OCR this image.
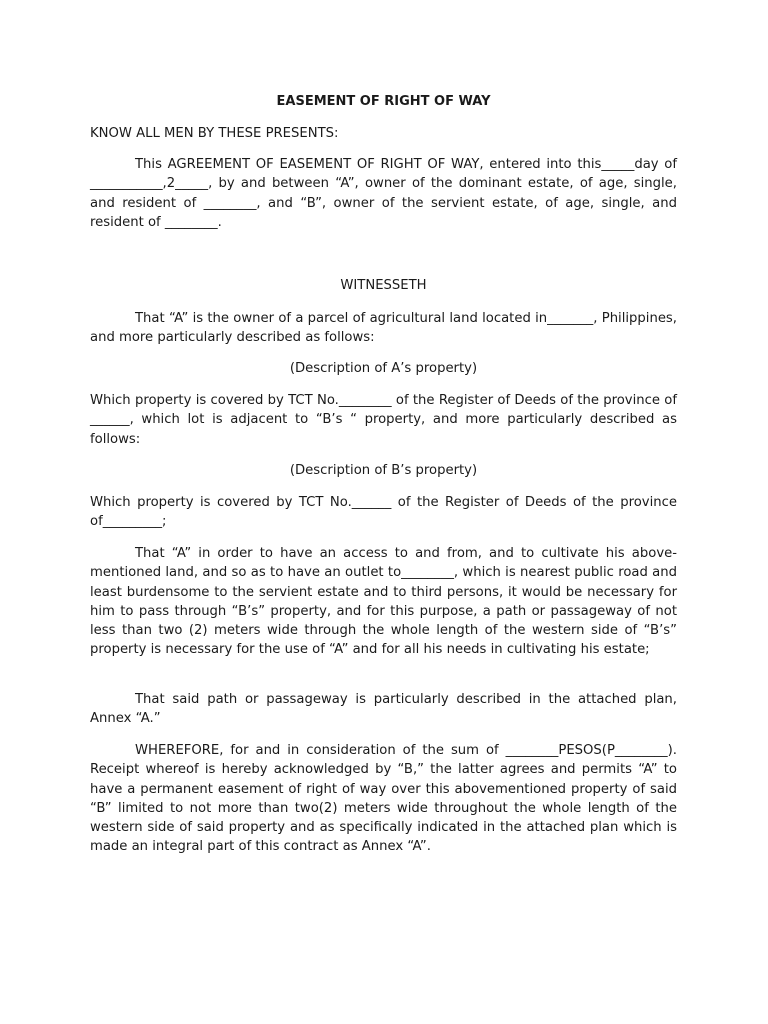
EASEMENT OF RIGHT OF WAY
KNOW ALL MEN BY THESE PRESENTS:

This AGREEMENT OF EASEMENT OF RIGHT OF WAY, entered into this_____day of ___________,2_____, by and between “A”, owner of the dominant estate, of age, single, and resident of ________, and “B”, owner of the servient estate, of age, single, and resident of ________.

WITNESSETH

That “A” is the owner of a parcel of agricultural land located in_______, Philippines, and more particularly described as follows:

(Description of A’s property)

Which property is covered by TCT No.________ of the Register of Deeds of the province of ______, which lot is adjacent to “B’s “ property, and more particularly described as follows:

(Description of B’s property)

Which property is covered by TCT No.______ of the Register of Deeds of the province of_________;

That “A” in order to have an access to and from, and to cultivate his above-mentioned land, and so as to have an outlet to________, which is nearest public road and least burdensome to the servient estate and to third persons, it would be necessary for him to pass through “B’s” property, and for this purpose, a path or passageway of not less than two (2) meters wide through the whole length of the western side of “B’s” property is necessary for the use of “A” and for all his needs in cultivating his estate;

That said path or passageway is particularly described in the attached plan, Annex “A.”

WHEREFORE, for and in consideration of the sum of ________PESOS(P________). Receipt whereof is hereby acknowledged by “B,” the latter agrees and permits “A” to have a permanent easement of right of way over this abovementioned property of said “B” limited to not more than two(2) meters wide throughout the whole length of the western side of said property and as specifically indicated in the attached plan which is made an integral part of this contract as Annex “A”.
